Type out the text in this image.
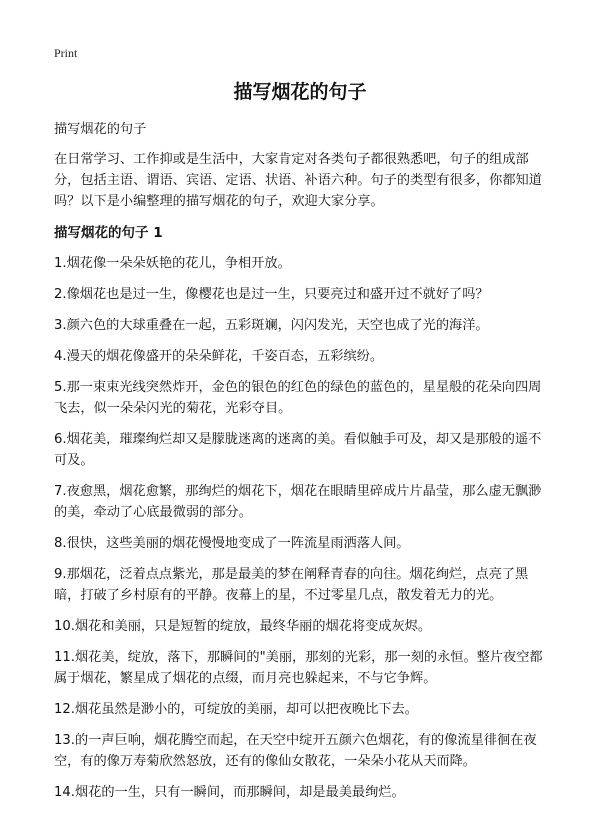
Print
描写烟花的句子

描写烟花的句子

在日常学习、工作抑或是生活中，大家肯定对各类句子都很熟悉吧，句子的组成部分，包括主语、谓语、宾语、定语、状语、补语六种。句子的类型有很多，你都知道吗？以下是小编整理的描写烟花的句子，欢迎大家分享。

描写烟花的句子 1

1.烟花像一朵朵妖艳的花儿，争相开放。

2.像烟花也是过一生，像樱花也是过一生，只要亮过和盛开过不就好了吗？

3.颜六色的大球重叠在一起，五彩斑斓，闪闪发光，天空也成了光的海洋。

4.漫天的烟花像盛开的朵朵鲜花，千姿百态，五彩缤纷。

5.那一束束光线突然炸开，金色的银色的红色的绿色的蓝色的，星星般的花朵向四周飞去，似一朵朵闪光的菊花，光彩夺目。

6.烟花美，璀璨绚烂却又是朦胧迷离的迷离的美。看似触手可及，却又是那般的遥不可及。

7.夜愈黑，烟花愈繁，那绚烂的烟花下，烟花在眼睛里碎成片片晶莹，那么虚无飘渺的美，牵动了心底最微弱的部分。

8.很快，这些美丽的烟花慢慢地变成了一阵流星雨洒落人间。

9.那烟花，泛着点点紫光，那是最美的梦在阐释青春的向往。烟花绚烂，点亮了黑暗，打破了乡村原有的平静。夜幕上的星，不过零星几点，散发着无力的光。

10.烟花和美丽，只是短暂的绽放，最终华丽的烟花将变成灰烬。

11.烟花美，绽放，落下，那瞬间的"美丽，那刻的光彩，那一刻的永恒。整片夜空都属于烟花，繁星成了烟花的点缀，而月亮也躲起来，不与它争辉。

12.烟花虽然是渺小的，可绽放的美丽，却可以把夜晚比下去。

13.的一声巨响，烟花腾空而起，在天空中绽开五颜六色烟花，有的像流星徘徊在夜空，有的像万寿菊欣然怒放，还有的像仙女散花，一朵朵小花从天而降。

14.烟花的一生，只有一瞬间，而那瞬间，却是最美最绚烂。
